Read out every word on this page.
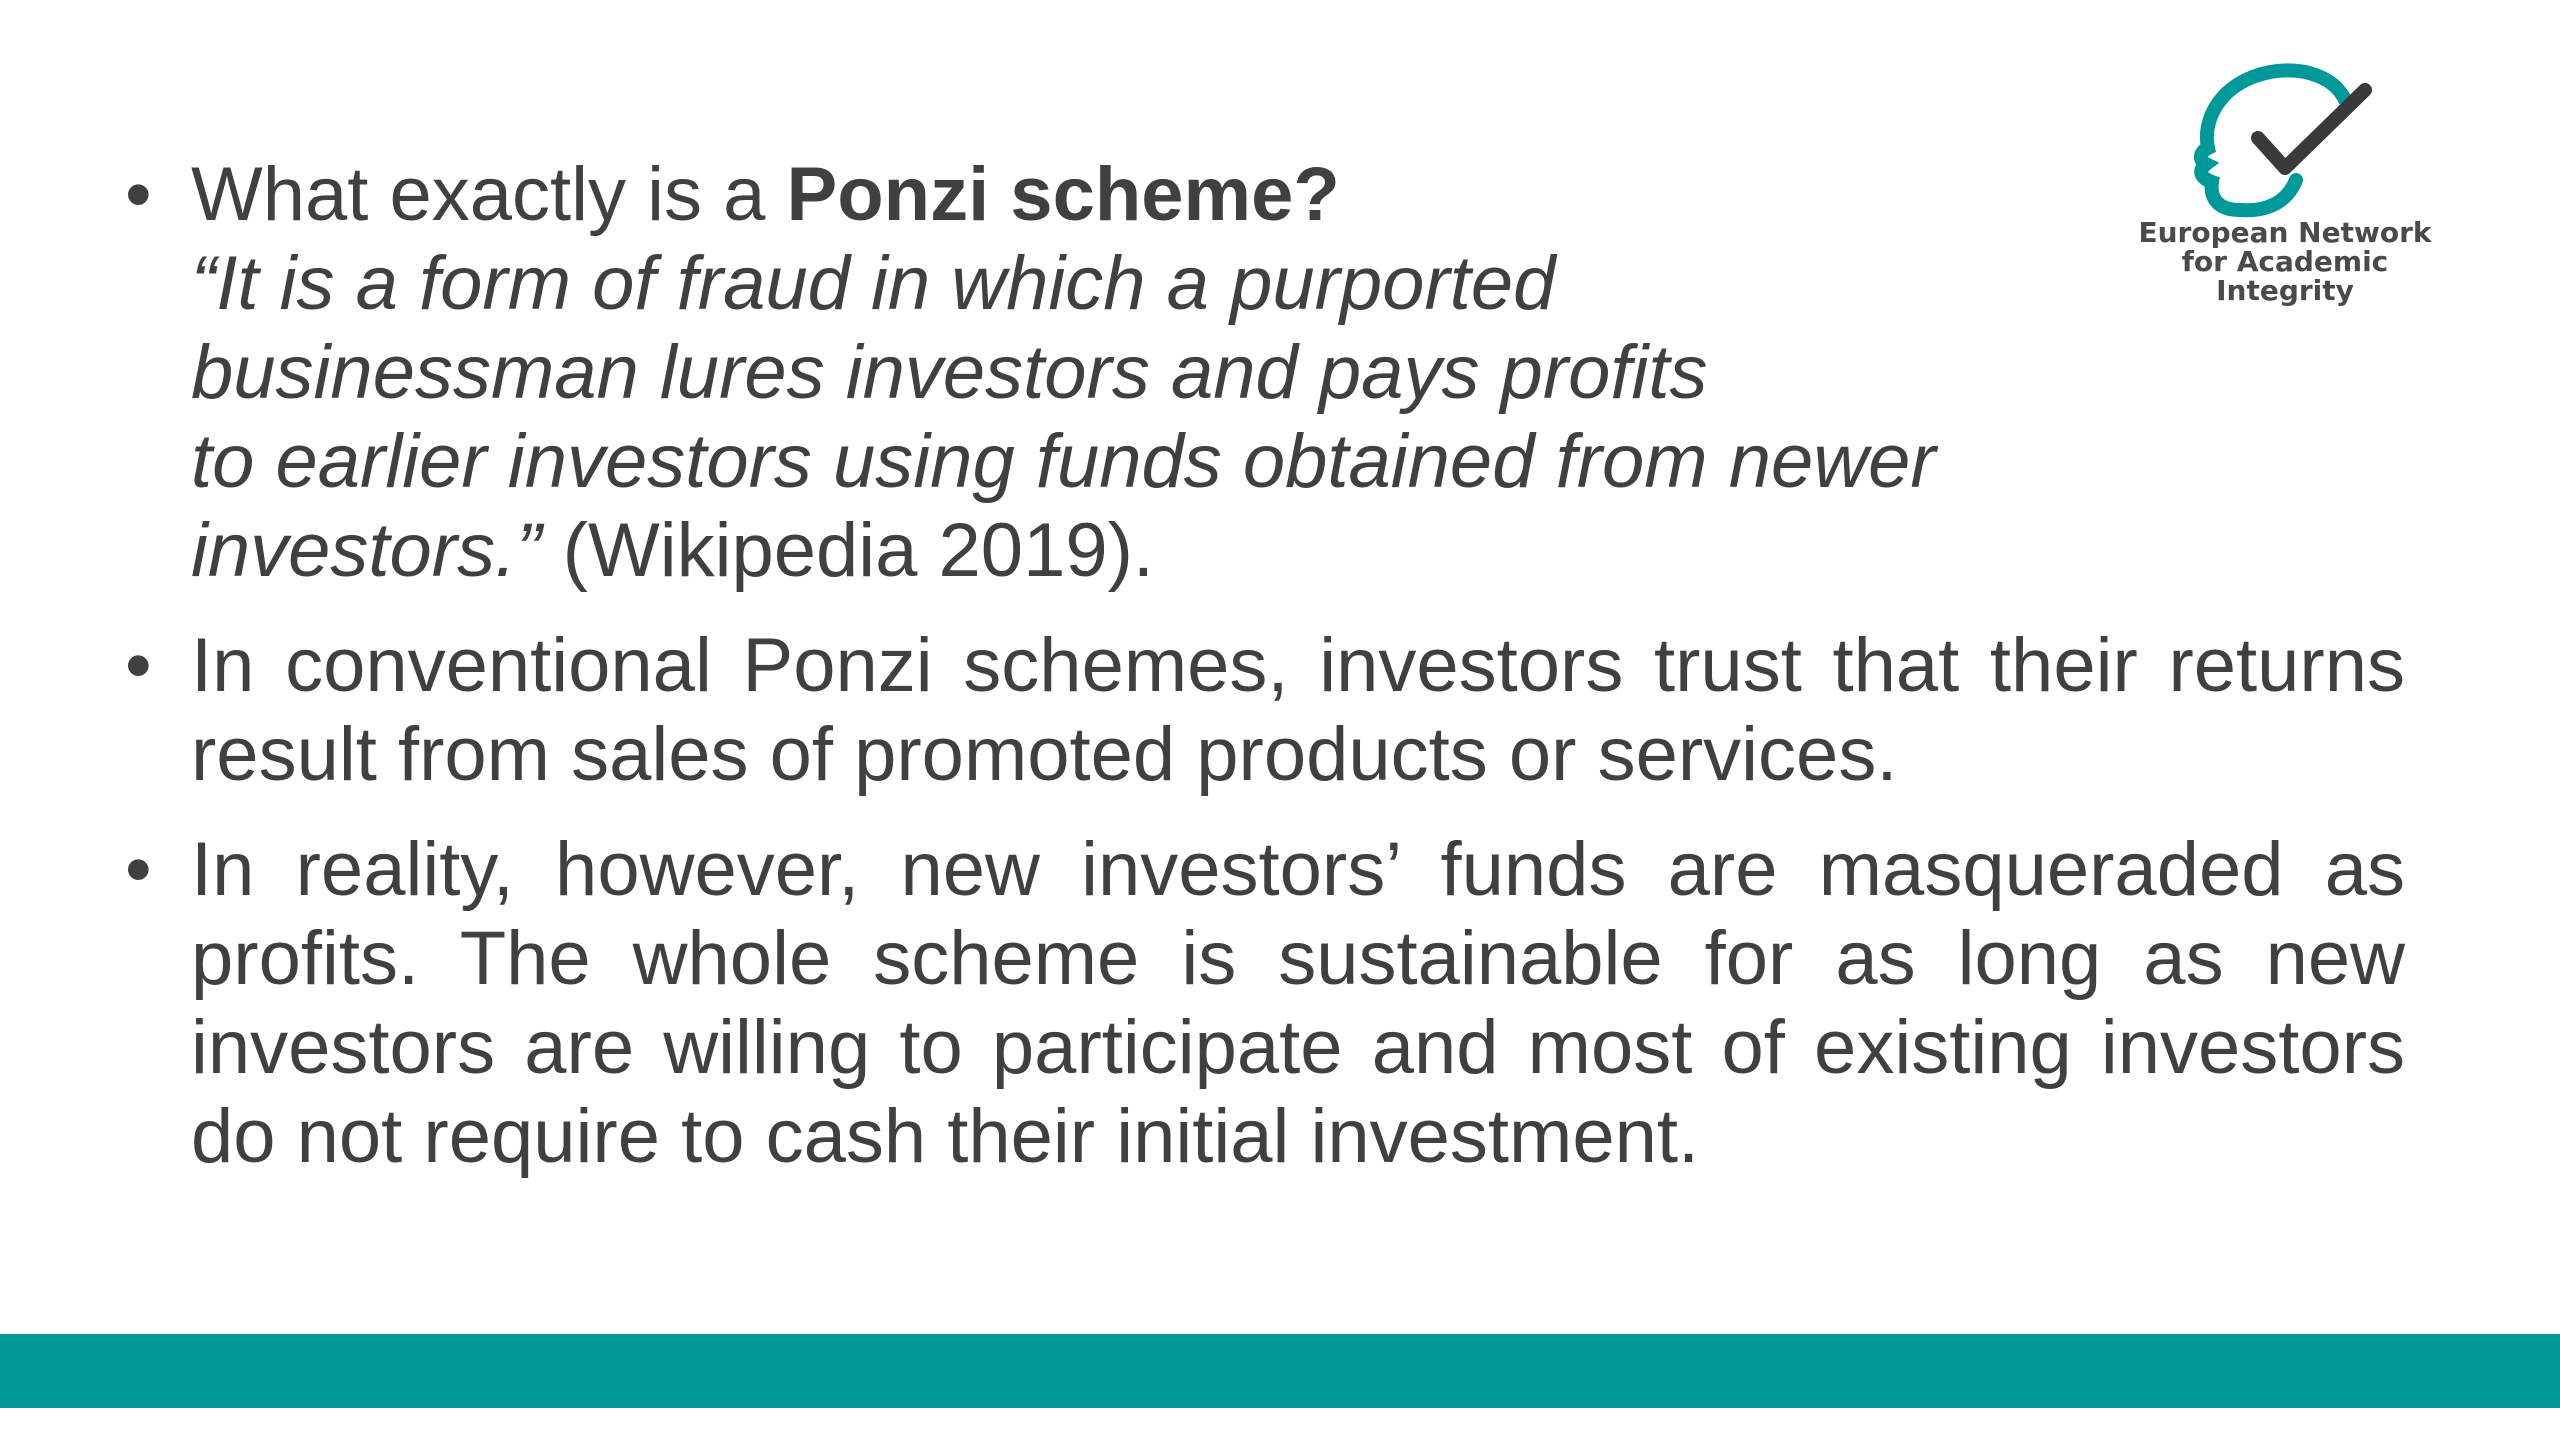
European Network
for Academic
Integrity
• What exactly is a Ponzi scheme?
“It is a form of fraud in which a purported
businessman lures investors and pays profits
to earlier investors using funds obtained from newer
investors.” (Wikipedia 2019).
• In conventional Ponzi schemes, investors trust that their returns result from sales of promoted products or services.
• In reality, however, new investors’ funds are masqueraded as profits. The whole scheme is sustainable for as long as new investors are willing to participate and most of existing investors do not require to cash their initial investment.
